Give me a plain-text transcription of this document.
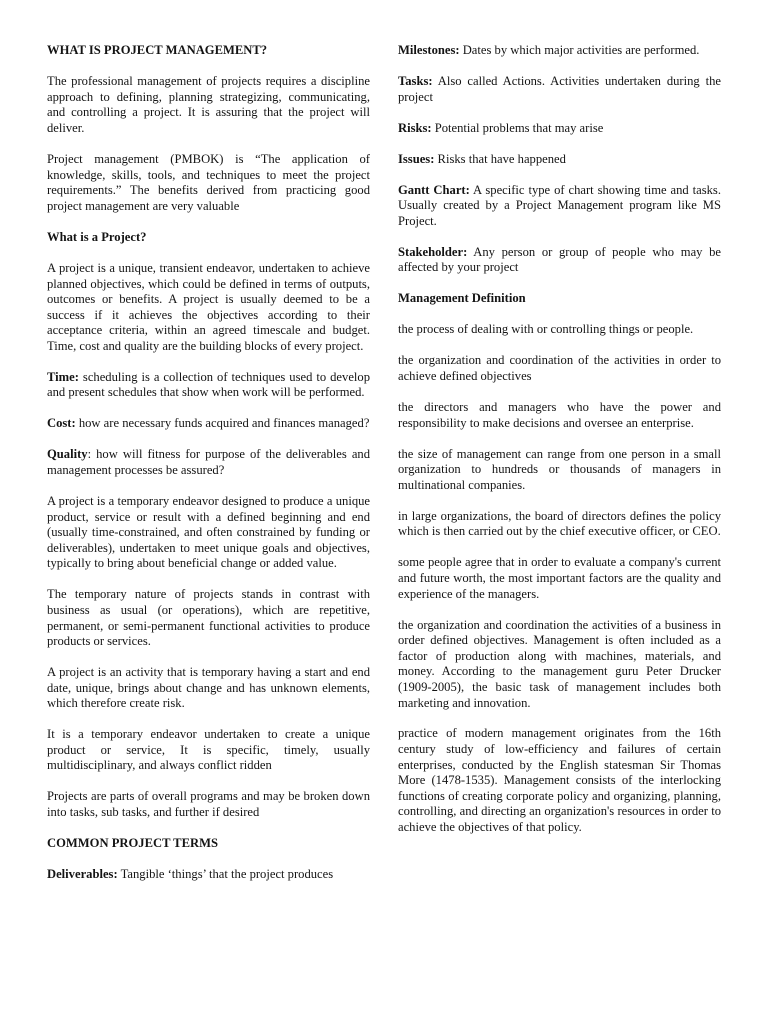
WHAT IS PROJECT MANAGEMENT?

The professional management of projects requires a discipline approach to defining, planning strategizing, communicating, and controlling a project. It is assuring that the project will deliver.

Project management (PMBOK) is “The application of knowledge, skills, tools, and techniques to meet the project requirements.” The benefits derived from practicing good project management are very valuable

What is a Project?

A project is a unique, transient endeavor, undertaken to achieve planned objectives, which could be defined in terms of outputs, outcomes or benefits. A project is usually deemed to be a success if it achieves the objectives according to their acceptance criteria, within an agreed timescale and budget. Time, cost and quality are the building blocks of every project.

Time: scheduling is a collection of techniques used to develop and present schedules that show when work will be performed.

Cost: how are necessary funds acquired and finances managed?

Quality: how will fitness for purpose of the deliverables and management processes be assured?

A project is a temporary endeavor designed to produce a unique product, service or result with a defined beginning and end (usually time-constrained, and often constrained by funding or deliverables), undertaken to meet unique goals and objectives, typically to bring about beneficial change or added value.

The temporary nature of projects stands in contrast with business as usual (or operations), which are repetitive, permanent, or semi-permanent functional activities to produce products or services.

A project is an activity that is temporary having a start and end date, unique, brings about change and has unknown elements, which therefore create risk.

It is a temporary endeavor undertaken to create a unique product or service, It is specific, timely, usually multidisciplinary, and always conflict ridden

Projects are parts of overall programs and may be broken down into tasks, sub tasks, and further if desired

COMMON PROJECT TERMS

Deliverables: Tangible ‘things’ that the project produces

Milestones: Dates by which major activities are performed.

Tasks: Also called Actions. Activities undertaken during the project

Risks: Potential problems that may arise

Issues: Risks that have happened

Gantt Chart: A specific type of chart showing time and tasks. Usually created by a Project Management program like MS Project.

Stakeholder: Any person or group of people who may be affected by your project

Management Definition

the process of dealing with or controlling things or people.

the organization and coordination of the activities in order to achieve defined objectives

the directors and managers who have the power and responsibility to make decisions and oversee an enterprise.

the size of management can range from one person in a small organization to hundreds or thousands of managers in multinational companies.

in large organizations, the board of directors defines the policy which is then carried out by the chief executive officer, or CEO.

some people agree that in order to evaluate a company's current and future worth, the most important factors are the quality and experience of the managers.

the organization and coordination the activities of a business in order defined objectives. Management is often included as a factor of production along with machines, materials, and money. According to the management guru Peter Drucker (1909-2005), the basic task of management includes both marketing and innovation.

practice of modern management originates from the 16th century study of low-efficiency and failures of certain enterprises, conducted by the English statesman Sir Thomas More (1478-1535). Management consists of the interlocking functions of creating corporate policy and organizing, planning, controlling, and directing an organization's resources in order to achieve the objectives of that policy.
